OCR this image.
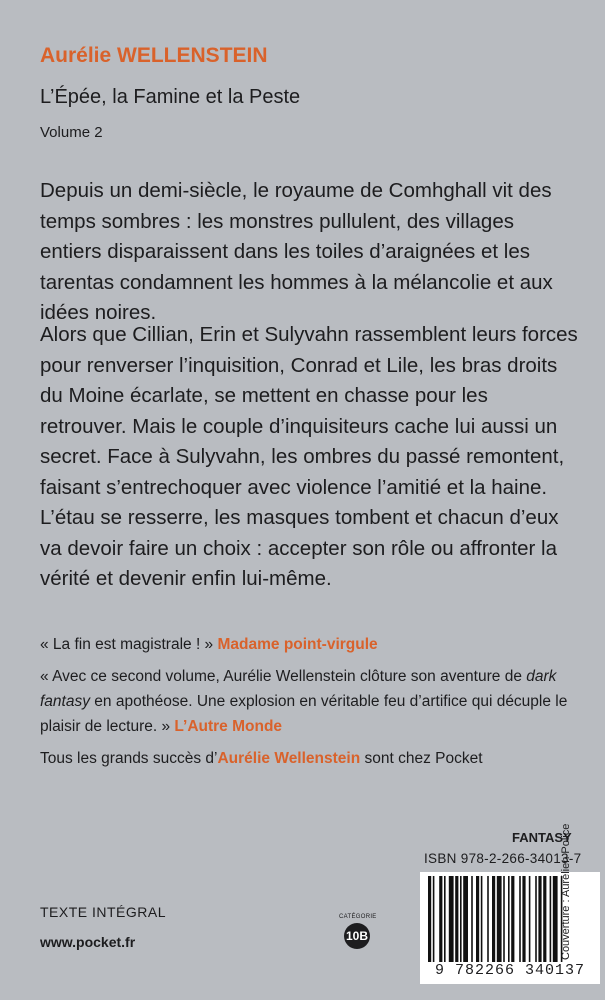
Aurélie WELLENSTEIN
L’Épée, la Famine et la Peste
Volume 2

Depuis un demi-siècle, le royaume de Comhghall vit des temps sombres : les monstres pullulent, des villages entiers disparaissent dans les toiles d’araignées et les tarentas condamnent les hommes à la mélancolie et aux idées noires.

Alors que Cillian, Erin et Sulyvahn rassemblent leurs forces pour renverser l’inquisition, Conrad et Lile, les bras droits du Moine écarlate, se mettent en chasse pour les retrouver. Mais le couple d’inquisiteurs cache lui aussi un secret. Face à Sulyvahn, les ombres du passé remontent, faisant s’entrechoquer avec violence l’amitié et la haine. L’étau se resserre, les masques tombent et chacun d’eux va devoir faire un choix : accepter son rôle ou affronter la vérité et devenir enfin lui-même.

« La fin est magistrale ! » Madame point-virgule

« Avec ce second volume, Aurélie Wellenstein clôture son aventure de dark fantasy en apothéose. Une explosion en véritable feu d’artifice qui décuple le plaisir de lecture. » L’Autre Monde

Tous les grands succès d’Aurélie Wellenstein sont chez Pocket

FANTASY
ISBN 978-2-266-34013-7
9 782266 340137
TEXTE INTÉGRAL
www.pocket.fr
CATÉGORIE
10B	Couverture : Aurélien Police
